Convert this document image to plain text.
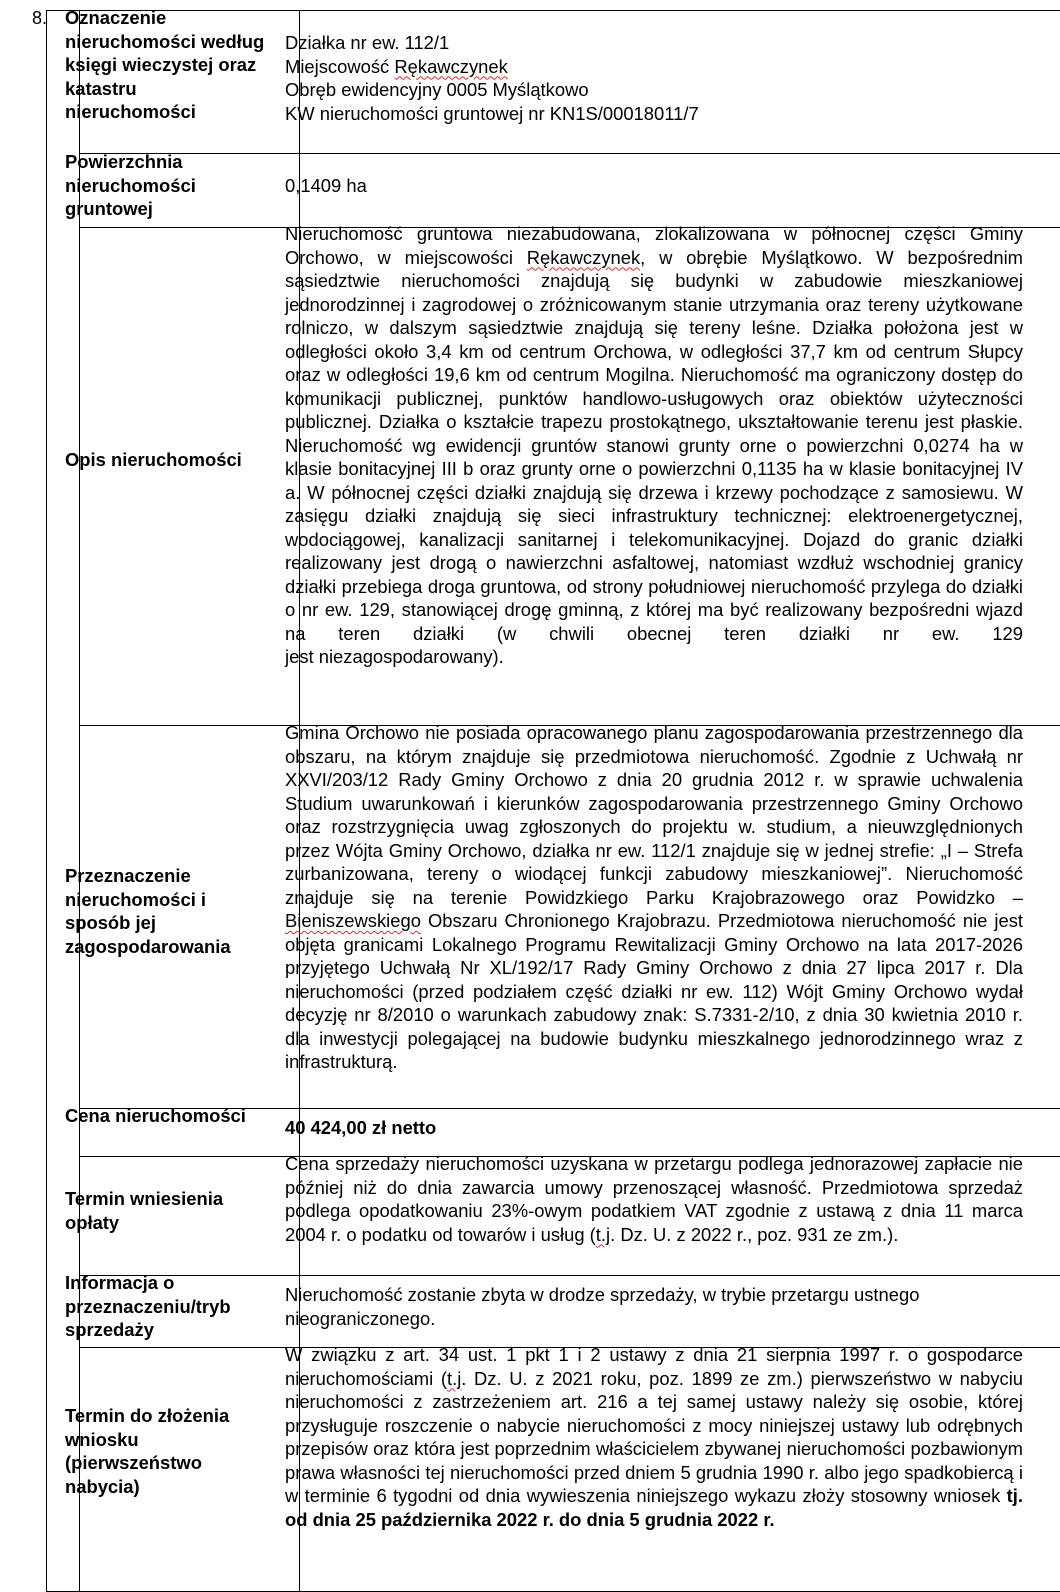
8. Oznaczenie nieruchomości według księgi wieczystej oraz katastru nieruchomości

Działka nr ew. 112/1

Miejscowość Rękawczynek

Obręb ewidencyjny 0005 Myślątkowo

KW nieruchomości gruntowej nr KN1S/00018011/7

Powierzchnia nieruchomości gruntowej
0,1409 ha
Opis nieruchomości

Nieruchomość gruntowa niezabudowana, zlokalizowana w północnej części Gminy Orchowo, w miejscowości Rękawczynek, w obrębie Myślątkowo. W bezpośrednim sąsiedztwie nieruchomości znajdują się budynki w zabudowie mieszkaniowej jednorodzinnej i zagrodowej o zróżnicowanym stanie utrzymania oraz tereny użytkowane rolniczo, w dalszym sąsiedztwie znajdują się tereny leśne. Działka położona jest w odległości około 3,4 km od centrum Orchowa, w odległości 37,7 km od centrum Słupcy oraz w odległości 19,6 km od centrum Mogilna. Nieruchomość ma ograniczony dostęp do komunikacji publicznej, punktów handlowo-usługowych oraz obiektów użyteczności publicznej. Działka o kształcie trapezu prostokątnego, ukształtowanie terenu jest płaskie. Nieruchomość wg ewidencji gruntów stanowi grunty orne o powierzchni 0,0274 ha w klasie bonitacyjnej III b oraz grunty orne o powierzchni 0,1135 ha w klasie bonitacyjnej IV a. W północnej części działki znajdują się drzewa i krzewy pochodzące z samosiewu. W zasięgu działki znajdują się sieci infrastruktury technicznej: elektroenergetycznej, wodociągowej, kanalizacji sanitarnej i telekomunikacyjnej. Dojazd do granic działki realizowany jest drogą o nawierzchni asfaltowej, natomiast wzdłuż wschodniej granicy działki przebiega droga gruntowa, od strony południowej nieruchomość przylega do działki o nr ew. 129, stanowiącej drogę gminną, z której ma być realizowany bezpośredni wjazd na teren działki (w chwili obecnej teren działki nr ew. 129

jest niezagospodarowany).

Przeznaczenie nieruchomości i sposób jej zagospodarowania
Gmina Orchowo nie posiada opracowanego planu zagospodarowania przestrzennego dla obszaru, na którym znajduje się przedmiotowa nieruchomość. Zgodnie z Uchwałą nr XXVI/203/12 Rady Gminy Orchowo z dnia 20 grudnia 2012 r. w sprawie uchwalenia Studium uwarunkowań i kierunków zagospodarowania przestrzennego Gminy Orchowo oraz rozstrzygnięcia uwag zgłoszonych do projektu w. studium, a nieuwzględnionych przez Wójta Gminy Orchowo, działka nr ew. 112/1 znajduje się w jednej strefie: „I – Strefa zurbanizowana, tereny o wiodącej funkcji zabudowy mieszkaniowej”. Nieruchomość znajduje się na terenie Powidzkiego Parku Krajobrazowego oraz Powidzko – Bieniszewskiego Obszaru Chronionego Krajobrazu. Przedmiotowa nieruchomość nie jest objęta granicami Lokalnego Programu Rewitalizacji Gminy Orchowo na lata 2017-2026 przyjętego Uchwałą Nr XL/192/17 Rady Gminy Orchowo z dnia 27 lipca 2017 r. Dla nieruchomości (przed podziałem część działki nr ew. 112) Wójt Gminy Orchowo wydał decyzję nr 8/2010 o warunkach zabudowy znak: S.7331-2/10, z dnia 30 kwietnia 2010 r. dla inwestycji polegającej na budowie budynku mieszkalnego jednorodzinnego wraz z infrastrukturą.
Cena nieruchomości
40 424,00 zł netto
Termin wniesienia opłaty
Cena sprzedaży nieruchomości uzyskana w przetargu podlega jednorazowej zapłacie nie później niż do dnia zawarcia umowy przenoszącej własność. Przedmiotowa sprzedaż podlega opodatkowaniu 23%-owym podatkiem VAT zgodnie z ustawą z dnia 11 marca 2004 r. o podatku od towarów i usług (t.j. Dz. U. z 2022 r., poz. 931 ze zm.).
Informacja o przeznaczeniu/tryb sprzedaży
Nieruchomość zostanie zbyta w drodze sprzedaży, w trybie przetargu ustnego nieograniczonego.
Termin do złożenia wniosku (pierwszeństwo nabycia)
W związku z art. 34 ust. 1 pkt 1 i 2 ustawy z dnia 21 sierpnia 1997 r. o gospodarce nieruchomościami (t.j. Dz. U. z 2021 roku, poz. 1899 ze zm.) pierwszeństwo w nabyciu nieruchomości z zastrzeżeniem art. 216 a tej samej ustawy należy się osobie, której przysługuje roszczenie o nabycie nieruchomości z mocy niniejszej ustawy lub odrębnych przepisów oraz która jest poprzednim właścicielem zbywanej nieruchomości pozbawionym prawa własności tej nieruchomości przed dniem 5 grudnia 1990 r. albo jego spadkobiercą i w terminie 6 tygodni od dnia wywieszenia niniejszego wykazu złoży stosowny wniosek tj. od dnia 25 października 2022 r. do dnia 5 grudnia 2022 r.
